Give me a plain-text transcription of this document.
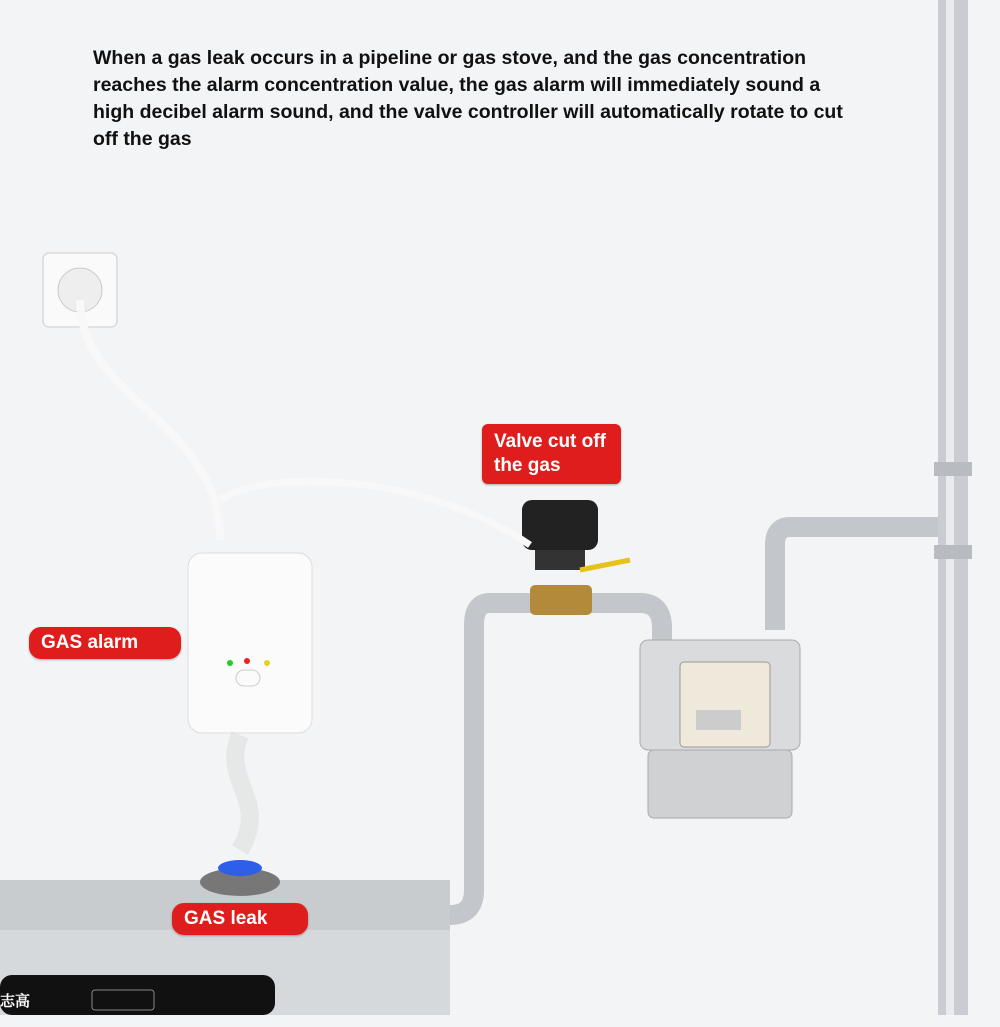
When a gas leak occurs in a pipeline or gas stove, and the gas concentration reaches the alarm concentration value, the gas alarm will immediately sound a high decibel alarm sound, and the valve controller will automatically rotate to cut off the gas
Valve cut off the gas
GAS alarm
GAS leak
志高
